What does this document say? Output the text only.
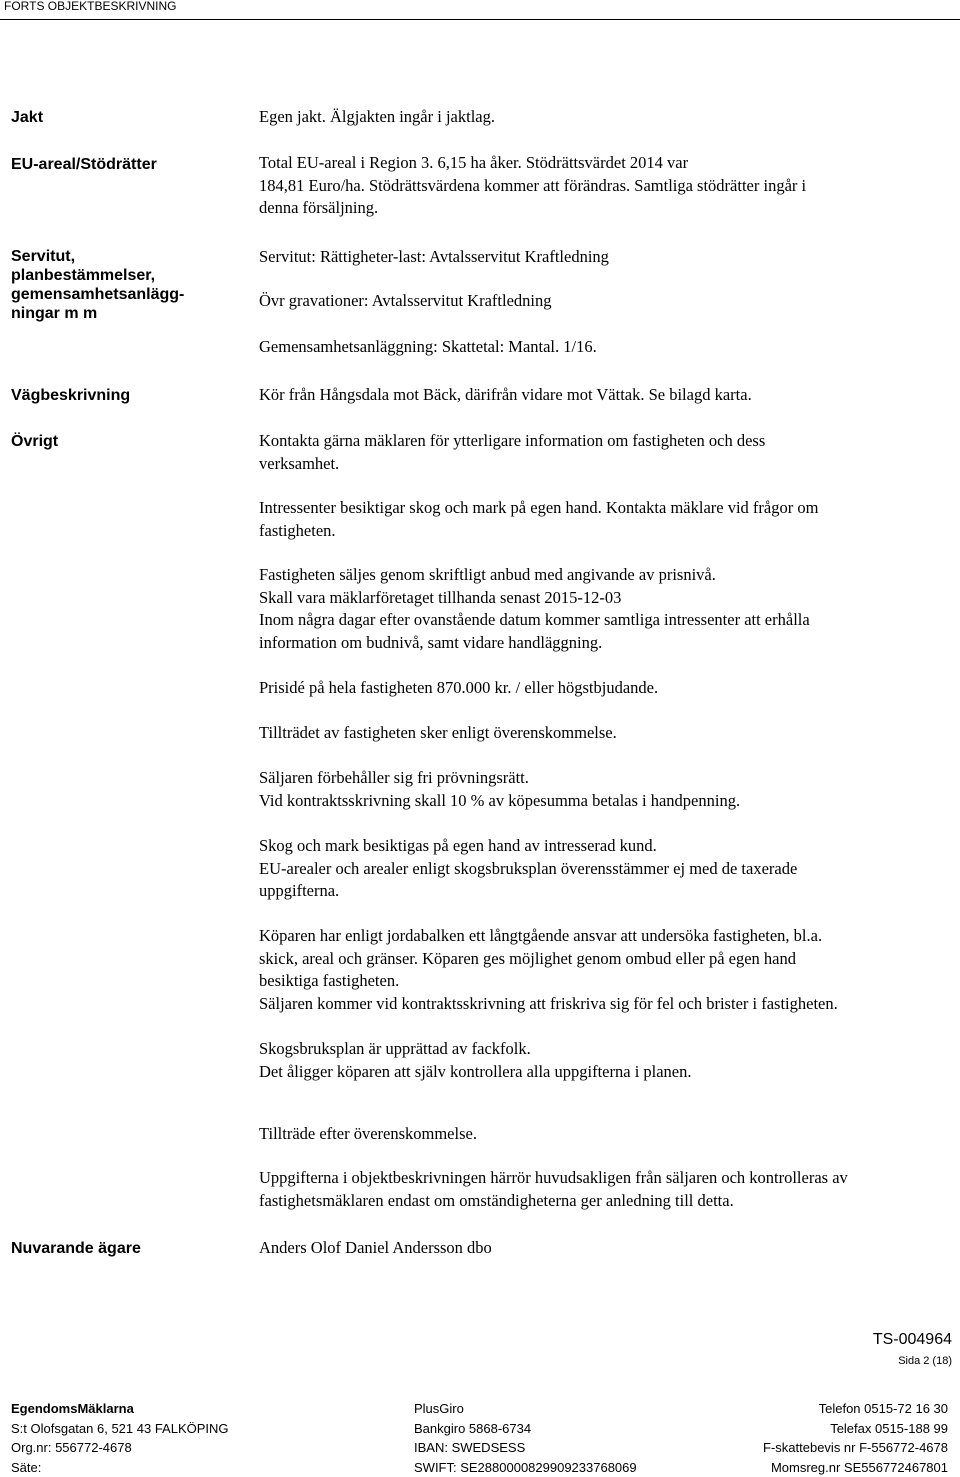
FORTS OBJEKTBESKRIVNING
Jakt
EU-areal/Stödrätter
Servitut,
planbestämmelser,
gemensamhetsanlägg-
ningar m m
Vägbeskrivning
Övrigt
Nuvarande ägare
Egen jakt. Älgjakten ingår i jaktlag.

Total EU-areal i Region 3. 6,15 ha åker. Stödrättsvärdet 2014 var

184,81 Euro/ha. Stödrättsvärdena kommer att förändras. Samtliga stödrätter ingår i

denna försäljning.

Servitut: Rättigheter-last: Avtalsservitut Kraftledning
Övr gravationer: Avtalsservitut Kraftledning
Gemensamhetsanläggning: Skattetal: Mantal. 1/16.
Kör från Hångsdala mot Bäck, därifrån vidare mot Vättak. Se bilagd karta.

Kontakta gärna mäklaren för ytterligare information om fastigheten och dess

verksamhet.

Intressenter besiktigar skog och mark på egen hand. Kontakta mäklare vid frågor om

fastigheten.

Fastigheten säljes genom skriftligt anbud med angivande av prisnivå.

Skall vara mäklarföretaget tillhanda senast 2015-12-03

Inom några dagar efter ovanstående datum kommer samtliga intressenter att erhålla

information om budnivå, samt vidare handläggning.

Prisidé på hela fastigheten 870.000 kr. / eller högstbjudande.

Tillträdet av fastigheten sker enligt överenskommelse.

Säljaren förbehåller sig fri prövningsrätt.

Vid kontraktsskrivning skall 10 % av köpesumma betalas i handpenning.

Skog och mark besiktigas på egen hand av intresserad kund.

EU-arealer och arealer enligt skogsbruksplan överensstämmer ej med de taxerade

uppgifterna.

Köparen har enligt jordabalken ett långtgående ansvar att undersöka fastigheten, bl.a.

skick, areal och gränser. Köparen ges möjlighet genom ombud eller på egen hand

besiktiga fastigheten.

Säljaren kommer vid kontraktsskrivning att friskriva sig för fel och brister i fastigheten.

Skogsbruksplan är upprättad av fackfolk.

Det åligger köparen att själv kontrollera alla uppgifterna i planen.

Tillträde efter överenskommelse.

Uppgifterna i objektbeskrivningen härrör huvudsakligen från säljaren och kontrolleras av

fastighetsmäklaren endast om omständigheterna ger anledning till detta.

Anders Olof Daniel Andersson dbo
TS-004964
Sida 2 (18)
EgendomsMäklarna
S:t Olofsgatan 6, 521 43 FALKÖPING
Org.nr: 556772-4678
Säte:
PlusGiro
Bankgiro 5868-6734
IBAN: SWEDSESS
SWIFT: SE2880000829909233768069
Telefon 0515-72 16 30
Telefax 0515-188 99
F-skattebevis nr F-556772-4678
Momsreg.nr SE556772467801
